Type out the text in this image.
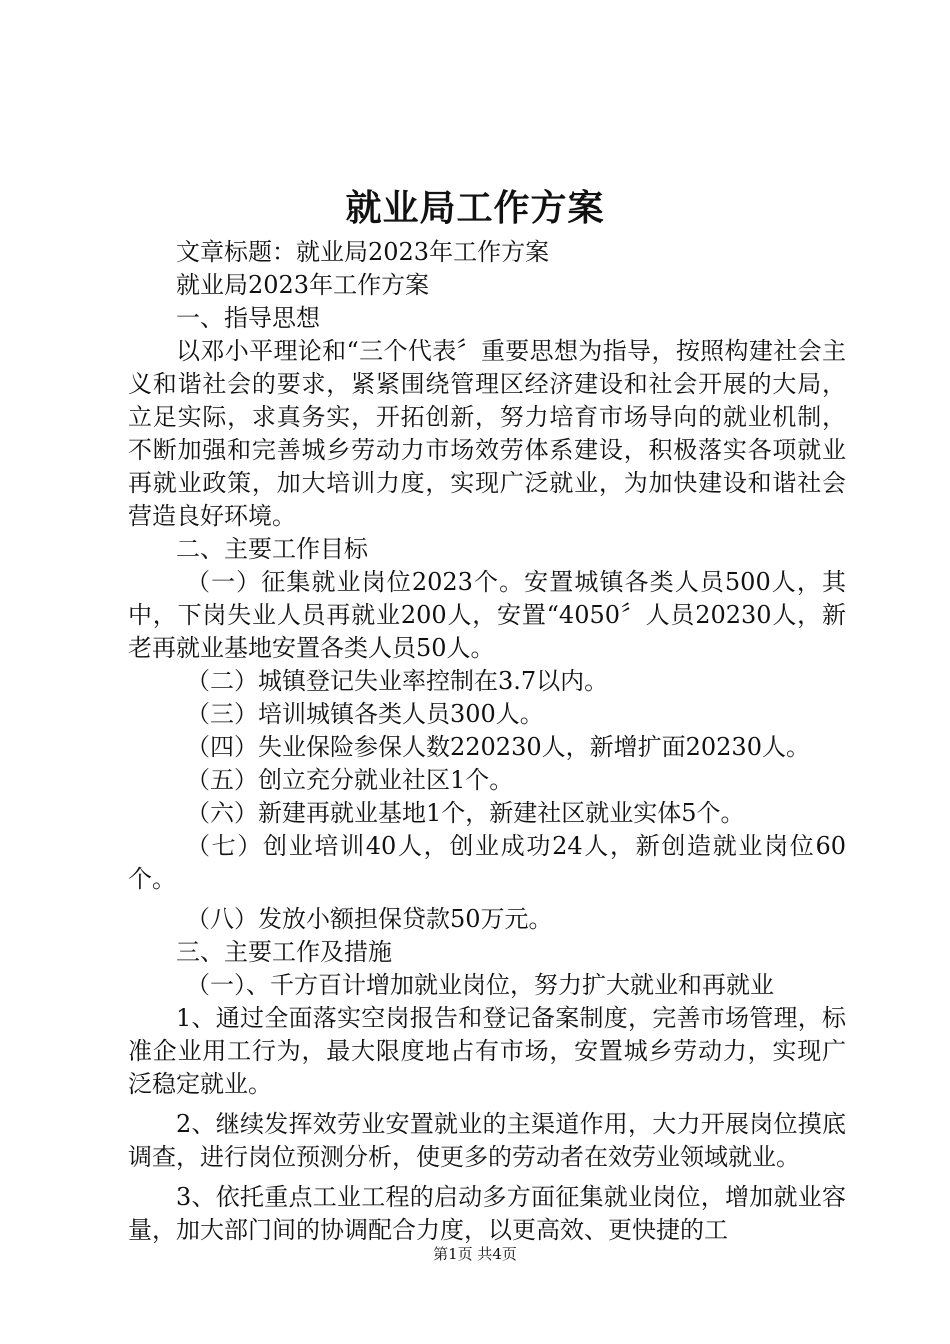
就业局工作方案

文章标题：就业局2023年工作方案

就业局2023年工作方案

一、指导思想

以邓小平理论和“三个代表〞重要思想为指导，按照构建社会主义和谐社会的要求，紧紧围绕管理区经济建设和社会开展的大局，立足实际，求真务实，开拓创新，努力培育市场导向的就业机制，不断加强和完善城乡劳动力市场效劳体系建设，积极落实各项就业再就业政策，加大培训力度，实现广泛就业，为加快建设和谐社会营造良好环境。

二、主要工作目标

（一）征集就业岗位2023个。安置城镇各类人员500人，其中，下岗失业人员再就业200人，安置“4050〞人员20230人，新老再就业基地安置各类人员50人。

（二）城镇登记失业率控制在3.7以内。

（三）培训城镇各类人员300人。

（四）失业保险参保人数220230人，新增扩面20230人。

（五）创立充分就业社区1个。

（六）新建再就业基地1个，新建社区就业实体5个。

（七）创业培训40人，创业成功24人，新创造就业岗位60个。

（八）发放小额担保贷款50万元。

三、主要工作及措施

（一）、千方百计增加就业岗位，努力扩大就业和再就业

1、通过全面落实空岗报告和登记备案制度，完善市场管理，标准企业用工行为，最大限度地占有市场，安置城乡劳动力，实现广泛稳定就业。

2、继续发挥效劳业安置就业的主渠道作用，大力开展岗位摸底调查，进行岗位预测分析，使更多的劳动者在效劳业领域就业。

3、依托重点工业工程的启动多方面征集就业岗位，增加就业容量，加大部门间的协调配合力度，以更高效、更快捷的工

第1页 共4页
